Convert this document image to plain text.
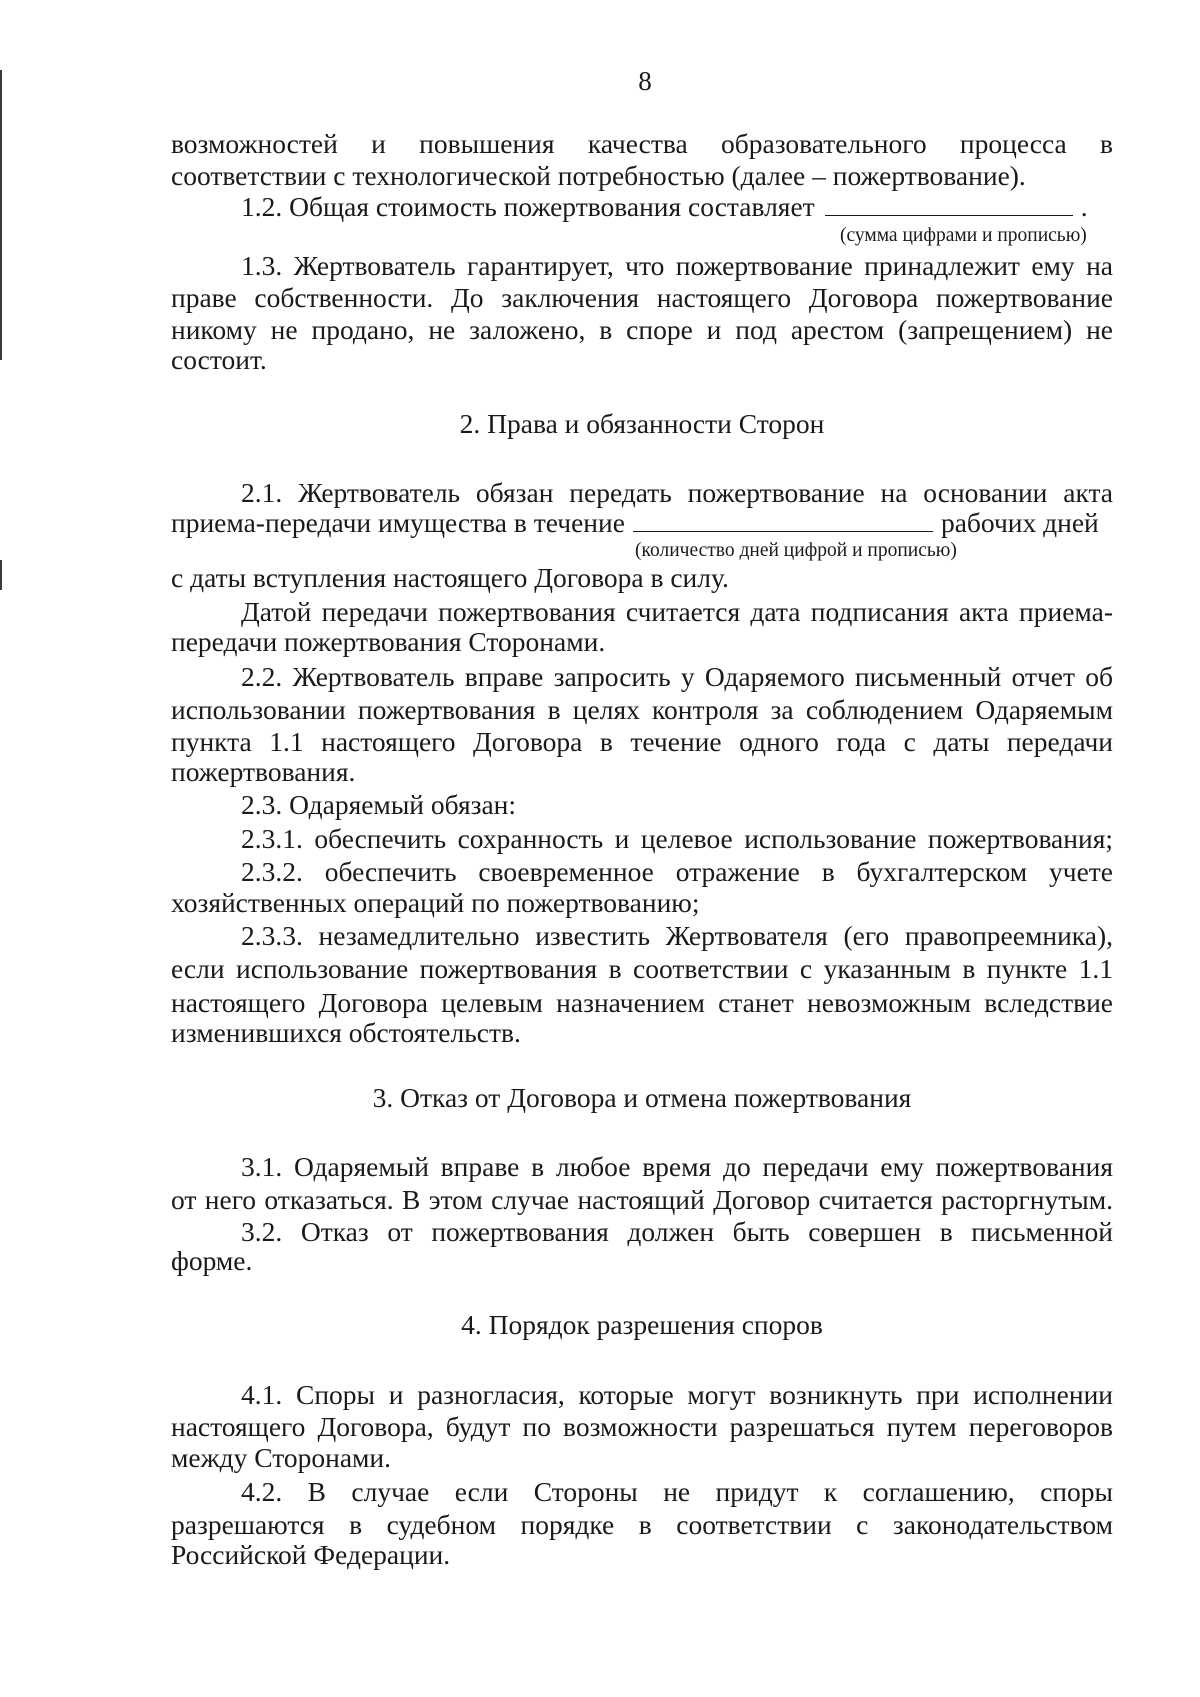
8
возможностей и повышения качества образовательного процесса в
соответствии с технологической потребностью (далее – пожертвование).
1.2. Общая стоимость пожертвования составляет	.
(сумма цифрами и прописью)
1.3. Жертвователь гарантирует, что пожертвование принадлежит ему на
праве собственности. До заключения настоящего Договора пожертвование
никому не продано, не заложено, в споре и под арестом (запрещением) не
состоит.
2. Права и обязанности Сторон
2.1. Жертвователь обязан передать пожертвование на основании акта
приема-передачи имущества в течение	рабочих дней
(количество дней цифрой и прописью)
с даты вступления настоящего Договора в силу.
Датой передачи пожертвования считается дата подписания акта приема-
передачи пожертвования Сторонами.
2.2. Жертвователь вправе запросить у Одаряемого письменный отчет об
использовании пожертвования в целях контроля за соблюдением Одаряемым
пункта 1.1 настоящего Договора в течение одного года с даты передачи
пожертвования.
2.3. Одаряемый обязан:
2.3.1. обеспечить сохранность и целевое использование пожертвования;
2.3.2. обеспечить своевременное отражение в бухгалтерском учете
хозяйственных операций по пожертвованию;
2.3.3. незамедлительно известить Жертвователя (его правопреемника),
если использование пожертвования в соответствии с указанным в пункте 1.1
настоящего Договора целевым назначением станет невозможным вследствие
изменившихся обстоятельств.
3. Отказ от Договора и отмена пожертвования
3.1. Одаряемый вправе в любое время до передачи ему пожертвования
от него отказаться. В этом случае настоящий Договор считается расторгнутым.
3.2. Отказ от пожертвования должен быть совершен в письменной
форме.
4. Порядок разрешения споров
4.1. Споры и разногласия, которые могут возникнуть при исполнении
настоящего Договора, будут по возможности разрешаться путем переговоров
между Сторонами.
4.2. В случае если Стороны не придут к соглашению, споры
разрешаются в судебном порядке в соответствии с законодательством
Российской Федерации.
